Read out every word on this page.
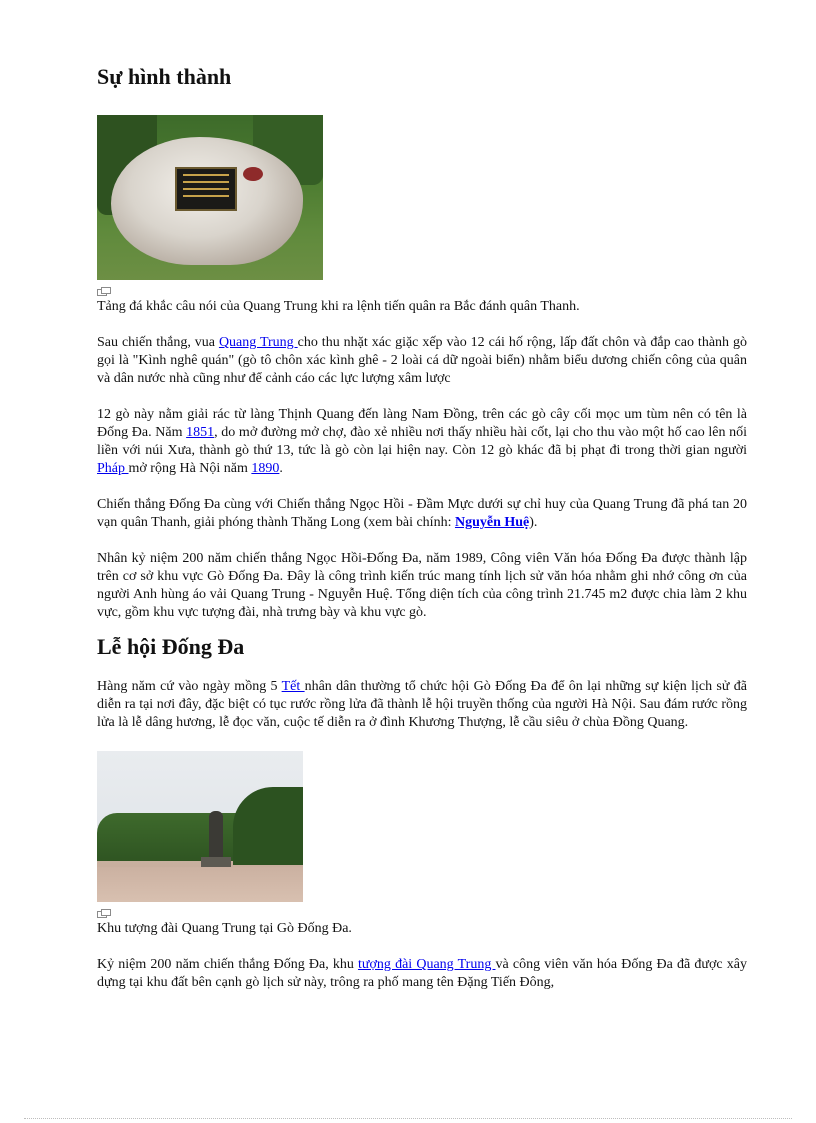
Sự hình thành

Tảng đá khắc câu nói của Quang Trung khi ra lệnh tiến quân ra Bắc đánh quân Thanh.

Sau chiến thắng, vua Quang Trung cho thu nhặt xác giặc xếp vào 12 cái hố rộng, lấp đất chôn và đắp cao thành gò gọi là "Kình nghê quán" (gò tô chôn xác kình ghê - 2 loài cá dữ ngoài biển) nhằm biểu dương chiến công của quân và dân nước nhà cũng như để cảnh cáo các lực lượng xâm lược

12 gò này nằm giải rác từ làng Thịnh Quang đến làng Nam Đồng, trên các gò cây cối mọc um tùm nên có tên là Đống Đa. Năm 1851, do mở đường mở chợ, đào xẻ nhiều nơi thấy nhiều hài cốt, lại cho thu vào một hố cao lên nối liền với núi Xưa, thành gò thứ 13, tức là gò còn lại hiện nay. Còn 12 gò khác đã bị phạt đi trong thời gian người Pháp mở rộng Hà Nội năm 1890.

Chiến thắng Đống Đa cùng với Chiến thắng Ngọc Hồi - Đầm Mực dưới sự chỉ huy của Quang Trung đã phá tan 20 vạn quân Thanh, giải phóng thành Thăng Long (xem bài chính: Nguyễn Huệ).

Nhân kỷ niệm 200 năm chiến thắng Ngọc Hồi-Đống Đa, năm 1989, Công viên Văn hóa Đống Đa được thành lập trên cơ sở khu vực Gò Đống Đa. Đây là công trình kiến trúc mang tính lịch sử văn hóa nhằm ghi nhớ công ơn của người Anh hùng áo vải Quang Trung - Nguyễn Huệ. Tổng diện tích của công trình 21.745 m2 được chia làm 2 khu vực, gồm khu vực tượng đài, nhà trưng bày và khu vực gò.

Lễ hội Đống Đa

Hàng năm cứ vào ngày mồng 5 Tết nhân dân thường tổ chức hội Gò Đống Đa để ôn lại những sự kiện lịch sử đã diễn ra tại nơi đây, đặc biệt có tục rước rồng lửa đã thành lễ hội truyền thống của người Hà Nội. Sau đám rước rồng lửa là lễ dâng hương, lễ đọc văn, cuộc tế diễn ra ở đình Khương Thượng, lễ cầu siêu ở chùa Đồng Quang.

Khu tượng đài Quang Trung tại Gò Đống Đa.

Kỷ niệm 200 năm chiến thắng Đống Đa, khu tượng đài Quang Trung và công viên văn hóa Đống Đa đã được xây dựng tại khu đất bên cạnh gò lịch sử này, trông ra phố mang tên Đặng Tiến Đông,
